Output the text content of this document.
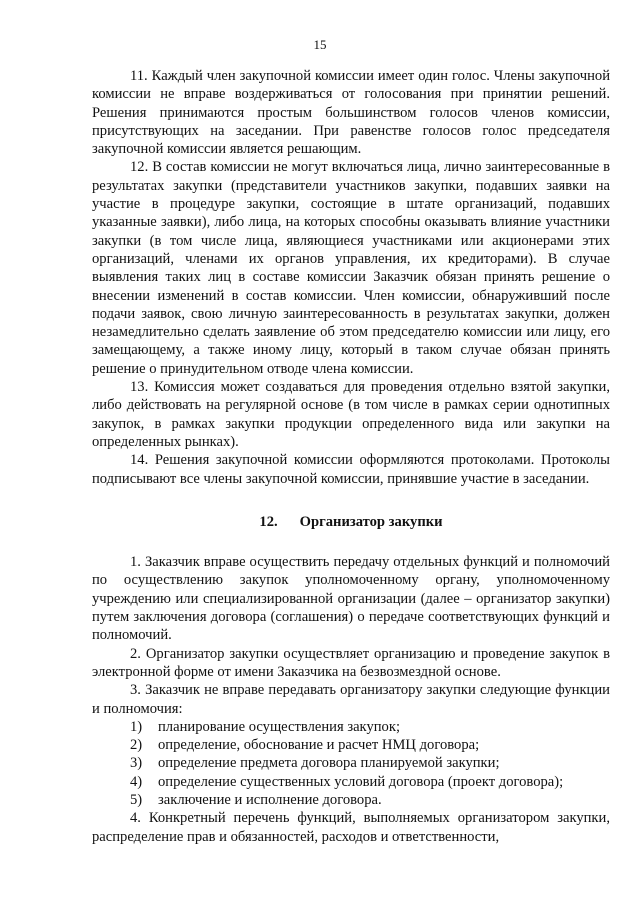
15

11. Каждый член закупочной комиссии имеет один голос. Члены закупочной комиссии не вправе воздерживаться от голосования при принятии решений. Решения принимаются простым большинством голосов членов комиссии, присутствующих на заседании. При равенстве голосов голос председателя закупочной комиссии является решающим.

12. В состав комиссии не могут включаться лица, лично заинтересованные в результатах закупки (представители участников закупки, подавших заявки на участие в процедуре закупки, состоящие в штате организаций, подавших указанные заявки), либо лица, на которых способны оказывать влияние участники закупки (в том числе лица, являющиеся участниками или акционерами этих организаций, членами их органов управления, их кредиторами). В случае выявления таких лиц в составе комиссии Заказчик обязан принять решение о внесении изменений в состав комиссии. Член комиссии, обнаруживший после подачи заявок, свою личную заинтересованность в результатах закупки, должен незамедлительно сделать заявление об этом председателю комиссии или лицу, его замещающему, а также иному лицу, который в таком случае обязан принять решение о принудительном отводе члена комиссии.

13. Комиссия может создаваться для проведения отдельно взятой закупки, либо действовать на регулярной основе (в том числе в рамках серии однотипных закупок, в рамках закупки продукции определенного вида или закупки на определенных рынках).

14. Решения закупочной комиссии оформляются протоколами. Протоколы подписывают все члены закупочной комиссии, принявшие участие в заседании.

12. Организатор закупки

1. Заказчик вправе осуществить передачу отдельных функций и полномочий по осуществлению закупок уполномоченному органу, уполномоченному учреждению или специализированной организации (далее – организатор закупки) путем заключения договора (соглашения) о передаче соответствующих функций и полномочий.

2. Организатор закупки осуществляет организацию и проведение закупок в электронной форме от имени Заказчика на безвозмездной основе.

3. Заказчик не вправе передавать организатору закупки следующие функции и полномочия:

1) планирование осуществления закупок;
2) определение, обоснование и расчет НМЦ договора;
3) определение предмета договора планируемой закупки;
4) определение существенных условий договора (проект договора);
5) заключение и исполнение договора.

4. Конкретный перечень функций, выполняемых организатором закупки, распределение прав и обязанностей, расходов и ответственности,
